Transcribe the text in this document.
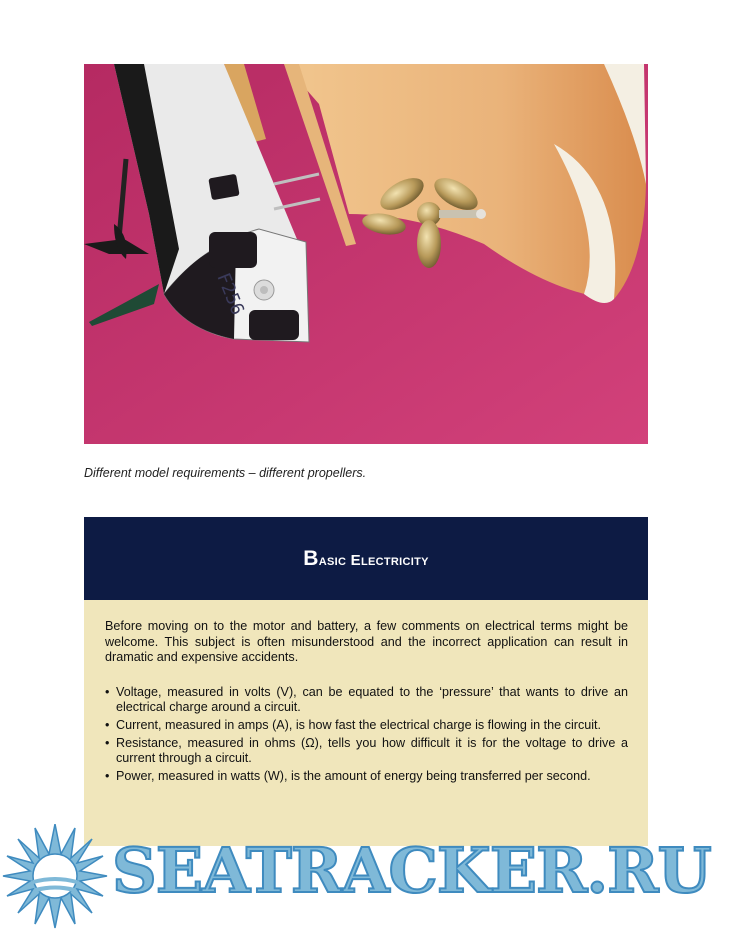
F256
Different model requirements – different propellers.
Basic Electricity

Before moving on to the motor and battery, a few comments on electrical terms might be welcome. This subject is often misunderstood and the incorrect application can result in dramatic and expensive accidents.

• Voltage, measured in volts (V), can be equated to the ‘pressure’ that wants to drive an electrical charge around a circuit.
• Current, measured in amps (A), is how fast the electrical charge is flowing in the circuit.
• Resistance, measured in ohms (Ω), tells you how difficult it is for the voltage to drive a current through a circuit.
• Power, measured in watts (W), is the amount of energy being transferred per second.
SEATRACKER.RU
